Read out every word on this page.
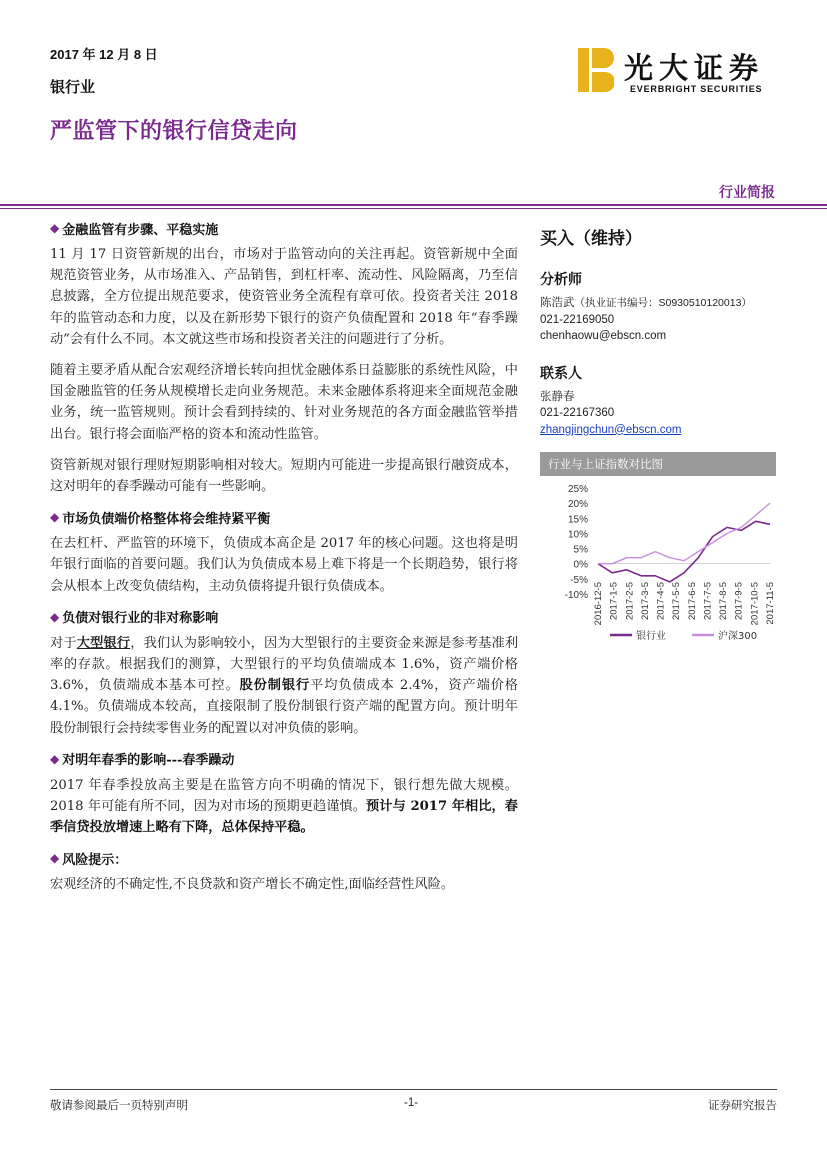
2017 年 12 月 8 日
银行业
严监管下的银行信贷走向
光大证券
EVERBRIGHT SECURITIES
行业简报
◆ 金融监管有步骤、平稳实施

11 月 17 日资管新规的出台，市场对于监管动向的关注再起。资管新规中全面规范资管业务，从市场准入、产品销售，到杠杆率、流动性、风险隔离，乃至信息披露，全方位提出规范要求，使资管业务全流程有章可依。投资者关注 2018 年的监管动态和力度，以及在新形势下银行的资产负债配置和 2018 年“春季躁动”会有什么不同。本文就这些市场和投资者关注的问题进行了分析。

随着主要矛盾从配合宏观经济增长转向担忧金融体系日益膨胀的系统性风险，中国金融监管的任务从规模增长走向业务规范。未来金融体系将迎来全面规范金融业务，统一监管规则。预计会看到持续的、针对业务规范的各方面金融监管举措出台。银行将会面临严格的资本和流动性监管。

资管新规对银行理财短期影响相对较大。短期内可能进一步提高银行融资成本，这对明年的春季躁动可能有一些影响。

◆ 市场负债端价格整体将会维持紧平衡

在去杠杆、严监管的环境下，负债成本高企是 2017 年的核心问题。这也将是明年银行面临的首要问题。我们认为负债成本易上难下将是一个长期趋势，银行将会从根本上改变负债结构，主动负债将提升银行负债成本。

◆ 负债对银行业的非对称影响

对于大型银行，我们认为影响较小，因为大型银行的主要资金来源是参考基准利率的存款。根据我们的测算，大型银行的平均负债端成本 1.6%，资产端价格 3.6%，负债端成本基本可控。股份制银行平均负债成本 2.4%，资产端价格 4.1%。负债端成本较高，直接限制了股份制银行资产端的配置方向。预计明年股份制银行会持续零售业务的配置以对冲负债的影响。

◆ 对明年春季的影响---春季躁动

2017 年春季投放高主要是在监管方向不明确的情况下，银行想先做大规模。2018 年可能有所不同，因为对市场的预期更趋谨慎。预计与 2017 年相比，春季信贷投放增速上略有下降，总体保持平稳。

◆ 风险提示：

宏观经济的不确定性,不良贷款和资产增长不确定性,面临经营性风险。

买入（维持）
分析师
陈浩武（执业证书编号：S0930510120013）
021-22169050
chenhaowu@ebscn.com
联系人
张静春
021-22167360
zhangjingchun@ebscn.com
行业与上证指数对比图
25%
20%
15%
10%
5%
0%
-5%
-10% 2016-12-5 2017-1-5 2017-2-5 2017-3-5 2017-4-5 2017-5-5 2017-6-5 2017-7-5 2017-8-5 2017-9-5 2017-10-5 2017-11-5
银行业	沪深300
敬请参阅最后一页特别声明	-1-	证券研究报告
